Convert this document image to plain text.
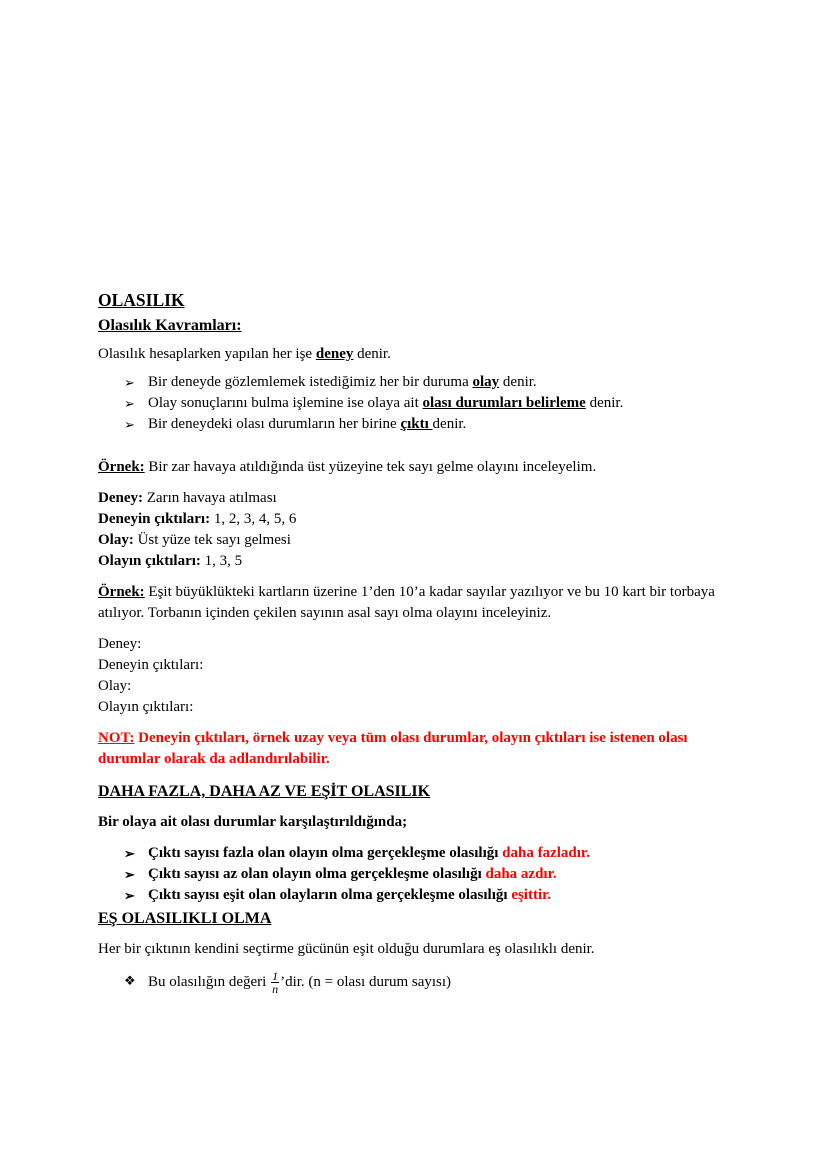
OLASILIK
Olasılık Kavramları:

Olasılık hesaplarken yapılan her işe deney denir.

➢ Bir deneyde gözlemlemek istediğimiz her bir duruma olay denir.
➢ Olay sonuçlarını bulma işlemine ise olaya ait olası durumları belirleme denir.
➢ Bir deneydeki olası durumların her birine çıktı denir.

Örnek: Bir zar havaya atıldığında üst yüzeyine tek sayı gelme olayını inceleyelim.

Deney: Zarın havaya atılması
Deneyin çıktıları: 1, 2, 3, 4, 5, 6
Olay: Üst yüze tek sayı gelmesi
Olayın çıktıları: 1, 3, 5

Örnek: Eşit büyüklükteki kartların üzerine 1’den 10’a kadar sayılar yazılıyor ve bu 10 kart bir torbaya atılıyor. Torbanın içinden çekilen sayının asal sayı olma olayını inceleyiniz.

Deney:
Deneyin çıktıları:
Olay:
Olayın çıktıları:

NOT: Deneyin çıktıları, örnek uzay veya tüm olası durumlar, olayın çıktıları ise istenen olası durumlar olarak da adlandırılabilir.

DAHA FAZLA, DAHA AZ VE EŞİT OLASILIK

Bir olaya ait olası durumlar karşılaştırıldığında;

➢ Çıktı sayısı fazla olan olayın olma gerçekleşme olasılığı daha fazladır.
➢ Çıktı sayısı az olan olayın olma gerçekleşme olasılığı daha azdır.
➢ Çıktı sayısı eşit olan olayların olma gerçekleşme olasılığı eşittir.
EŞ OLASILIKLI OLMA

Her bir çıktının kendini seçtirme gücünün eşit olduğu durumlara eş olasılıklı denir.

❖ Bu olasılığın değeri $\frac{1}{n}$ ’dir. (n = olası durum sayısı)
